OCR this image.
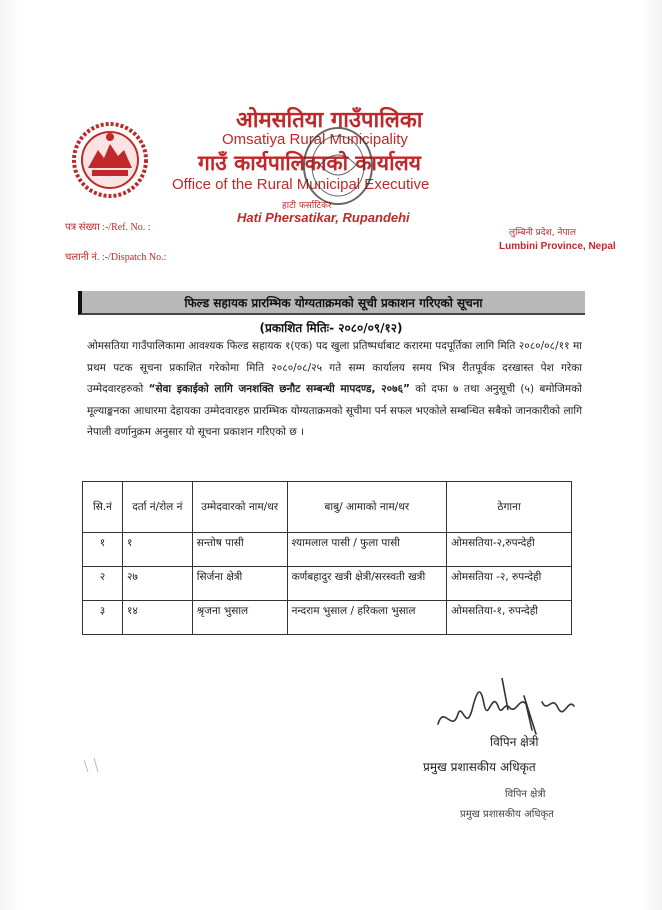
ओमसतिया गाउँपालिका
Omsatiya Rural Municipality
गाउँ कार्यपालिकाको कार्यालय
Office of the Rural Municipal Executive
हाटी फर्साटिकर
Hati Phersatikar, Rupandehi
पत्र संख्या :-/Ref. No. :
चलानी नं. :-/Dispatch No.:
लुम्बिनी प्रदेश, नेपाल
Lumbini Province, Nepal
फिल्ड सहायक प्रारम्भिक योग्यताक्रमको सूची प्रकाशन गरिएको सूचना
(प्रकाशित मितिः- २०८०/०९/१२)
ओमसतिया गाउँपालिकामा आवश्यक फिल्ड सहायक १(एक) पद खुला प्रतिष्पर्धाबाट करारमा पदपूर्तिका लागि मिति २०८०/०८/११ मा प्रथम पटक सूचना प्रकाशित गरेकोमा मिति २०८०/०८/२५ गते सम्म कार्यालय समय भित्र रीतपूर्वक दरखास्त पेश गरेका उम्मेदवारहरुको “सेवा इकाईको लागि जनशक्ति छनौट सम्बन्धी मापदण्ड, २०७६” को दफा ७ तथा अनुसूची (५) बमोजिमको मूल्याङ्कनका आधारमा देहायका उम्मेदवारहरु प्रारम्भिक योग्यताक्रमको सूचीमा पर्न सफल भएकोले सम्बन्धित सबैको जानकारीको लागि नेपाली वर्णानुक्रम अनुसार यो सूचना प्रकाशन गरिएको छ ।
सि.नं	दर्ता नं/रोल नं	उम्मेदवारको नाम/थर	बाबु/ आमाको नाम/थर	ठेगाना
१	१	सन्तोष पासी	श्यामलाल पासी / फुला पासी	ओमसतिया-२,रुपन्देही
२	२७	सिर्जना क्षेत्री	कर्णबहादुर खत्री क्षेत्री/सरस्वती खत्री	ओमसतिया -२, रुपन्देही
३	१४	श्रृजना भुसाल	नन्दराम भुसाल / हरिकला भुसाल	ओमसतिया-१, रुपन्देही
विपिन क्षेत्री
प्रमुख प्रशासकीय अधिकृत
विपिन क्षेत्री
प्रमुख प्रशासकीय अधिकृत
